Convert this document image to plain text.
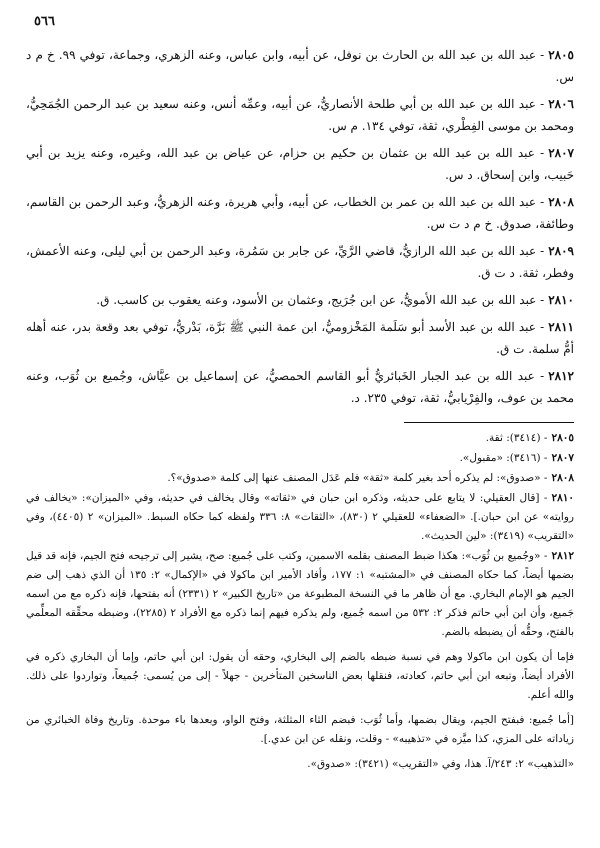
٥٦٦

٢٨٠٥- عبد الله بن عبد الله بن الحارث بن نوفل، عن أبيه، وابن عباس، وعنه الزهري، وجماعة، توفي ٩٩. خ م د س.

٢٨٠٦- عبد الله بن عبد الله بن أبي طلحة الأنصاريُّ، عن أبيه، وعمِّه أنس، وعنه سعيد بن عبد الرحمن الجُمَحِيُّ، ومحمد بن موسى الفِطْري، ثقة، توفي ١٣٤. م س.

٢٨٠٧- عبد الله بن عبد الله بن عثمان بن حكيم بن حزام، عن عياض بن عبد الله، وغيره، وعنه يزيد بن أبي حَبيب، وابن إسحاق. د س.

٢٨٠٨- عبد الله بن عبد الله بن عمر بن الخطاب، عن أبيه، وأبي هريرة، وعنه الزهريُّ، وعبد الرحمن بن القاسم، وطائفة، صدوق. خ م د ت س.

٢٨٠٩- عبد الله بن عبد الله الرازيُّ، قاضي الرَّيِّ، عن جابر بن سَمُرة، وعبد الرحمن بن أبي ليلى، وعنه الأعمش، وفطر، ثقة. د ت ق.

٢٨١٠- عبد الله بن عبد الله الأمويُّ، عن ابن جُرَيج، وعثمان بن الأسود، وعنه يعقوب بن كاسب. ق.

٢٨١١- عبد الله بن عبد الأسد أبو سَلَمة المَخْزوميُّ، ابن عمة النبي ﷺ بَرَّة، بَدْريُّ، توفي بعد وقعة بدر، عنه أهله أمُّ سلمة. ت ق.

٢٨١٢- عبد الله بن عبد الجبار الخَبائريُّ أبو القاسم الحمصيُّ، عن إسماعيل بن عيَّاش، وجُميع بن ثُوَب، وعنه محمد بن عوف، والفِرْيابيُّ، ثقة، توفي ٢٣٥. د.

٢٨٠٥- (٣٤١٤): ثقة.

٢٨٠٧- (٣٤١٦): «مقبول».

٢٨٠٨- «صدوق»: لم يذكره أحد بغير كلمة «ثقة» فلم عَدَل المصنف عنها إلى كلمة «صدوق»؟.

٢٨١٠- [قال العقيلي: لا يتابع على حديثه، وذكره ابن حبان في «ثقاته» وقال يخالف في حديثه، وفي «الميزان»: «يخالف في روايته» عن ابن حبان.]. «الضعفاء» للعقيلي ٢ (٨٣٠)، «الثقات» ٨: ٣٣٦ ولفظه كما حكاه السبط. «الميزان» ٢ (٤٤٠٥)، وفي «التقريب» (٣٤١٩): «لين الحديث».

٢٨١٢- «وجُميع بن ثُوَب»: هكذا ضبط المصنف بقلمه الاسمين، وكتب على جُميع: صح، يشير إلى ترجيحه فتح الجيم، فإنه قد قيل بضمها أيضاً، كما حكاه المصنف في «المشتبه» ١: ١٧٧، وأفاد الأمير ابن ماكولا في «الإكمال» ٢: ١٣٥ أن الذي ذهب إلى ضم الجيم هو الإمام البخاري. مع أن ظاهر ما في النسخة المطبوعة من «تاريخ الكبير» ٢ (٢٣٣١) أنه بفتحها، فإنه ذكره مع من اسمه جَميع، وأن ابن أبي حاتم فذكر ٢: ٥٣٢ من اسمه جُميع، ولم يذكره فيهم إنما ذكره مع الأفراد ٢ (٢٢٨٥)، وضبطه محقِّقه المعلِّمي بالفتح، وحقُّه أن يضبطه بالضم.

فإما أن يكون ابن ماكولا وهم في نسبة ضبطه بالضم إلى البخاري، وحقه أن يقول: ابن أبي حاتم، وإما أن البخاري ذكره في الأفراد أيضاً، وتبعه ابن أبي حاتم، كعادته، فنقلها بعض الناسخين المتأخرين - جهلاً - إلى من يُسمى: جُميعاً، وتواردوا على ذلك. والله أعلم.

[أما جُميع: فبفتح الجيم، ويقال بضمها، وأما ثُوَب: فبضم الثاء المثلثة، وفتح الواو، وبعدها باء موحدة. وتاريخ وفاة الخبائري من زياداته على المزي، كذا ميَّزه في «تذهيبه» - وقلت، ونقله عن ابن عدي.].

«التذهيب» ٢: ٢٤٣/آ. هذا، وفي «التقريب» (٣٤٢١): «صدوق».
